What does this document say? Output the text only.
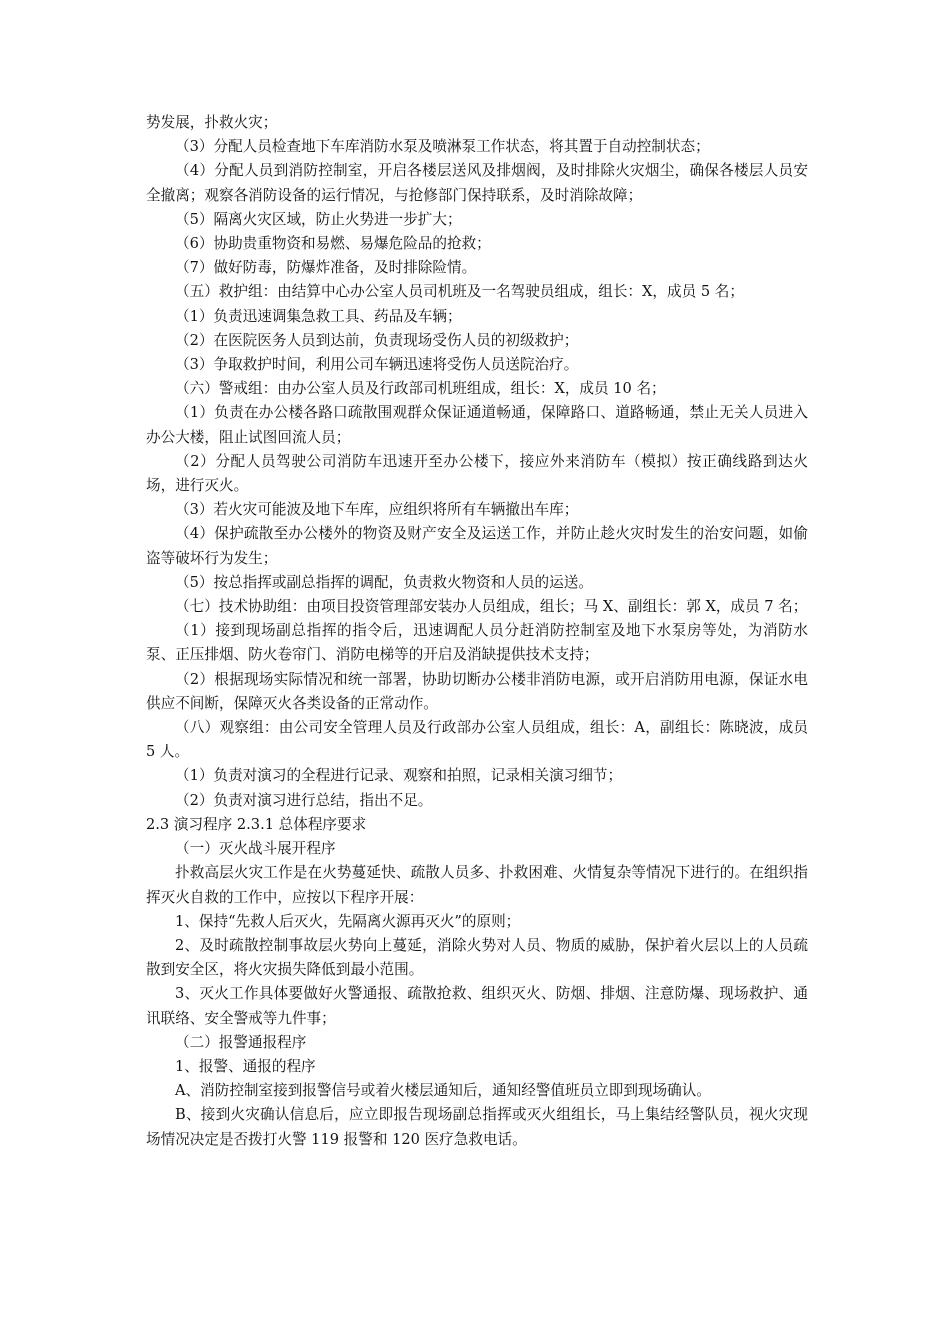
势发展，扑救火灾；

（3）分配人员检查地下车库消防水泵及喷淋泵工作状态，将其置于自动控制状态；

（4）分配人员到消防控制室，开启各楼层送风及排烟阀，及时排除火灾烟尘，确保各楼层人员安全撤离；观察各消防设备的运行情况，与抢修部门保持联系，及时消除故障；

（5）隔离火灾区域，防止火势进一步扩大；

（6）协助贵重物资和易燃、易爆危险品的抢救；

（7）做好防毒，防爆炸准备，及时排除险情。

（五）救护组：由结算中心办公室人员司机班及一名驾驶员组成，组长：X，成员 5 名；

（1）负责迅速调集急救工具、药品及车辆；

（2）在医院医务人员到达前，负责现场受伤人员的初级救护；

（3）争取救护时间，利用公司车辆迅速将受伤人员送院治疗。

（六）警戒组：由办公室人员及行政部司机班组成，组长：X，成员 10 名；

（1）负责在办公楼各路口疏散围观群众保证通道畅通，保障路口、道路畅通，禁止无关人员进入办公大楼，阻止试图回流人员；

（2）分配人员驾驶公司消防车迅速开至办公楼下，接应外来消防车（模拟）按正确线路到达火场，进行灭火。

（3）若火灾可能波及地下车库，应组织将所有车辆撤出车库；

（4）保护疏散至办公楼外的物资及财产安全及运送工作，并防止趁火灾时发生的治安问题，如偷盗等破坏行为发生；

（5）按总指挥或副总指挥的调配，负责救火物资和人员的运送。

（七）技术协助组：由项目投资管理部安装办人员组成，组长；马 X、副组长：郭 X，成员 7 名；

（1）接到现场副总指挥的指令后，迅速调配人员分赶消防控制室及地下水泵房等处，为消防水泵、正压排烟、防火卷帘门、消防电梯等的开启及消缺提供技术支持；

（2）根据现场实际情况和统一部署，协助切断办公楼非消防电源，或开启消防用电源，保证水电供应不间断，保障灭火各类设备的正常动作。

（八）观察组：由公司安全管理人员及行政部办公室人员组成，组长：A，副组长：陈晓波，成员 5 人。

（1）负责对演习的全程进行记录、观察和拍照，记录相关演习细节；

（2）负责对演习进行总结，指出不足。

2.3 演习程序 2.3.1 总体程序要求

（一）灭火战斗展开程序

扑救高层火灾工作是在火势蔓延快、疏散人员多、扑救困难、火情复杂等情况下进行的。在组织指挥灭火自救的工作中，应按以下程序开展：

1、保持“先救人后灭火，先隔离火源再灭火”的原则；

2、及时疏散控制事故层火势向上蔓延，消除火势对人员、物质的威胁，保护着火层以上的人员疏散到安全区，将火灾损失降低到最小范围。

3、灭火工作具体要做好火警通报、疏散抢救、组织灭火、防烟、排烟、注意防爆、现场救护、通讯联络、安全警戒等九件事；

（二）报警通报程序

1、报警、通报的程序

A、消防控制室接到报警信号或着火楼层通知后，通知经警值班员立即到现场确认。

B、接到火灾确认信息后，应立即报告现场副总指挥或灭火组组长，马上集结经警队员，视火灾现场情况决定是否拨打火警 119 报警和 120 医疗急救电话。
